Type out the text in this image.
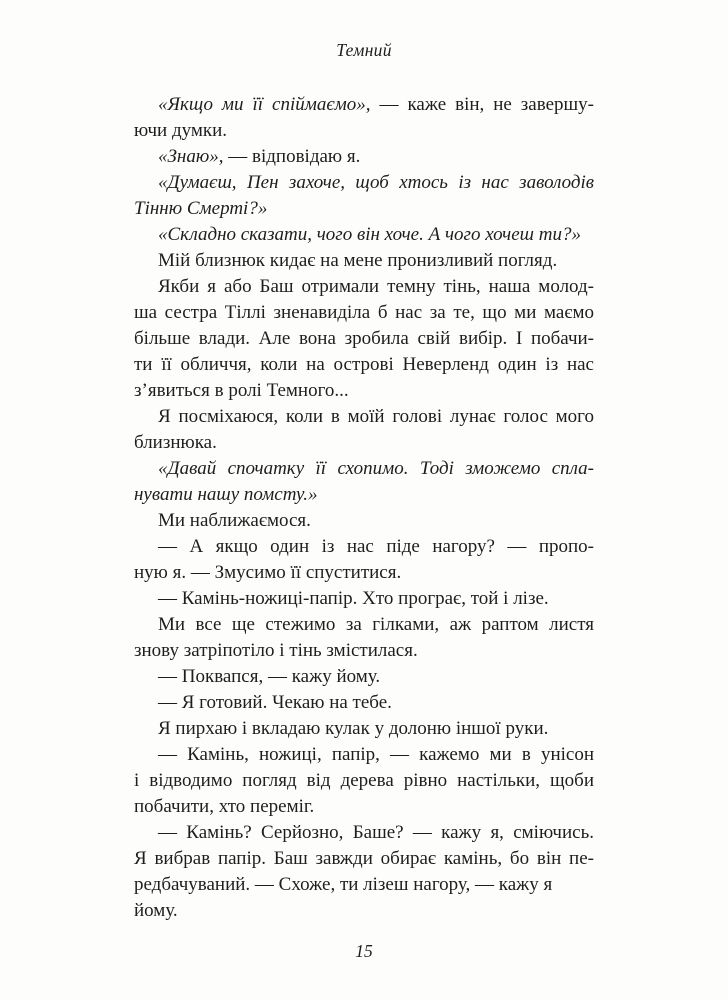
Темний
«Якщо ми її спіймаємо», — каже він, не завершу-
ючи думки.
«Знаю», — відповідаю я.
«Думаєш, Пен захоче, щоб хтось із нас заволодів
Тінню Смерті?»
«Складно сказати, чого він хоче. А чого хочеш ти?»
Мій близнюк кидає на мене пронизливий погляд.
Якби я або Баш отримали темну тінь, наша молод-
ша сестра Тіллі зненавиділа б нас за те, що ми маємо
більше влади. Але вона зробила свій вибір. І побачи-
ти її обличчя, коли на острові Неверленд один із нас
з’явиться в ролі Темного...
Я посміхаюся, коли в моїй голові лунає голос мого
близнюка.
«Давай спочатку її схопимо. Тоді зможемо спла-
нувати нашу помсту.»
Ми наближаємося.
— А якщо один із нас піде нагору? — пропо-
ную я. — Змусимо її спуститися.
— Камінь-ножиці-папір. Хто програє, той і лізе.
Ми все ще стежимо за гілками, аж раптом листя
знову затріпотіло і тінь змістилася.
— Поквапся, — кажу йому.
— Я готовий. Чекаю на тебе.
Я пирхаю і вкладаю кулак у долоню іншої руки.
— Камінь, ножиці, папір, — кажемо ми в унісон
і відводимо погляд від дерева рівно настільки, щоби
побачити, хто переміг.
— Камінь? Серйозно, Баше? — кажу я, сміючись.
Я вибрав папір. Баш завжди обирає камінь, бо він пе-
редбачуваний. — Схоже, ти лізеш нагору, — кажу я йому.
15
